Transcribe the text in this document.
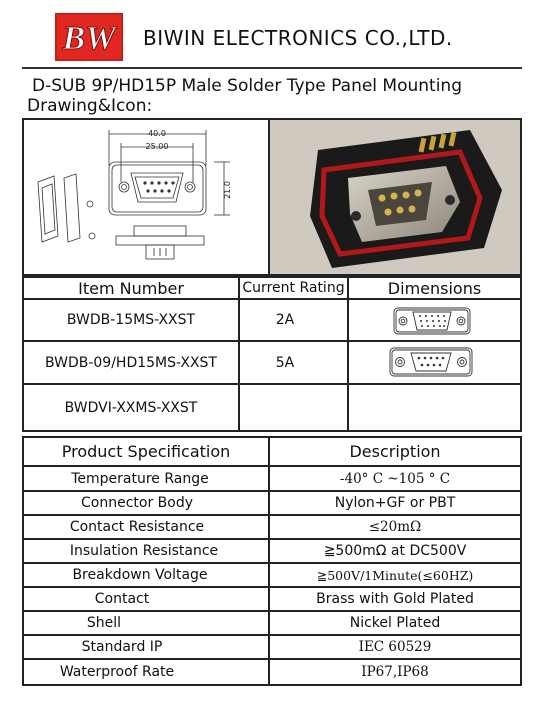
BW BIWIN ELECTRONICS CO.,LTD.
D-SUB 9P/HD15P Male Solder Type Panel Mounting
Drawing&Icon:
40.0
25.00
21.0
Item Number	Current Rating	Dimensions
BWDB-15MS-XXST	2A
BWDB-09/HD15MS-XXST	5A
BWDVI-XXMS-XXST
Product Specification	Description
Temperature Range	-40° C ~105 ° C
Connector Body	Nylon+GF or PBT
Contact Resistance	≤20mΩ
Insulation Resistance	≧500mΩ at DC500V
Breakdown Voltage	≧500V/1Minute(≤60HZ)
Contact	Brass with Gold Plated
Shell	Nickel Plated
Standard IP	IEC 60529
Waterproof Rate	IP67,IP68
